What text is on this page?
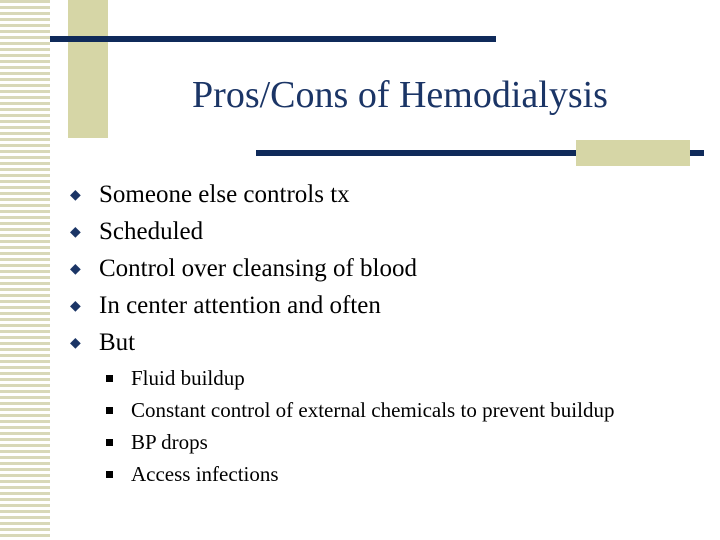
Pros/Cons of Hemodialysis
◆ Someone else controls tx
◆ Scheduled
◆ Control over cleansing of blood
◆ In center attention and often
◆ But
Fluid buildup
Constant control of external chemicals to prevent buildup
BP drops
Access infections
